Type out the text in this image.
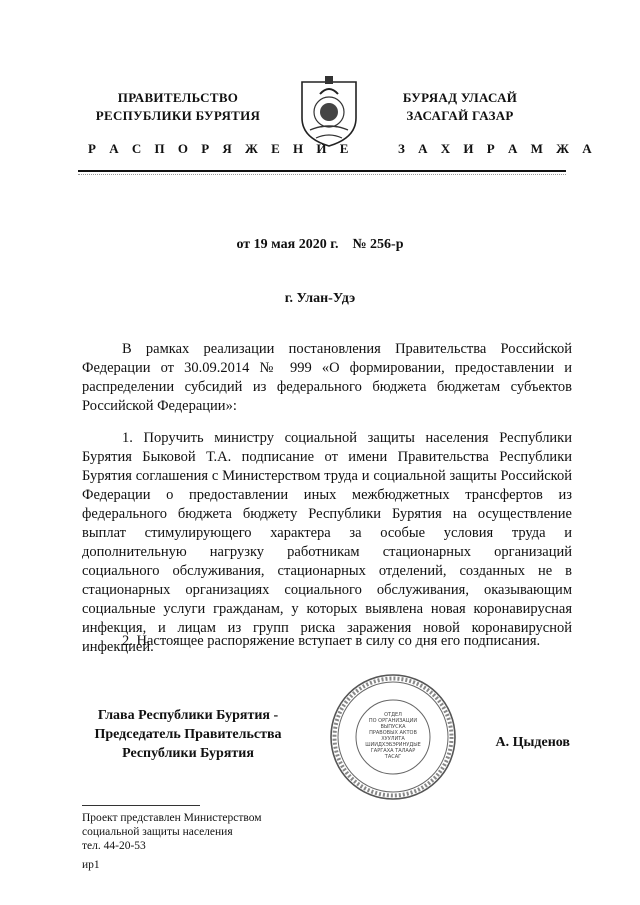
ПРАВИТЕЛЬСТВО
РЕСПУБЛИКИ БУРЯТИЯ
Р А С П О Р Я Ж Е Н И Е
БУРЯАД УЛАСАЙ
ЗАСАГАЙ ГАЗАР
З А Х И Р А М Ж А
от 19 мая 2020 г.    № 256-р
г. Улан-Удэ

В рамках реализации постановления Правительства Российской Федерации от 30.09.2014 № 999 «О формировании, предоставлении и распределении субсидий из федерального бюджета бюджетам субъектов Российской Федерации»:

1. Поручить министру социальной защиты населения Республики Бурятия Быковой Т.А. подписание от имени Правительства Республики Бурятия соглашения с Министерством труда и социальной защиты Российской Федерации о предоставлении иных межбюджетных трансфертов из федерального бюджета бюджету Республики Бурятия на осуществление выплат стимулирующего характера за особые условия труда и дополнительную нагрузку работникам стационарных организаций социального обслуживания, стационарных отделений, созданных не в стационарных организациях социального обслуживания, оказывающим социальные услуги гражданам, у которых выявлена новая коронавирусная инфекция, и лицам из групп риска заражения новой коронавирусной инфекцией.

2. Настоящее распоряжение вступает в силу со дня его подписания.

Глава Республики Бурятия -
Председатель Правительства
Республики Бурятия
ОТДЕЛ
ПО ОРГАНИЗАЦИИ
ВЫПУСКА
ПРАВОВЫХ АКТОВ
ХУУЛИТА
ШИИДХЭБЭРИНУДЫЕ
ГАРГАХА ТАЛААР
ТАСАГ
А. Цыденов
Проект представлен Министерством
социальной защиты населения
тел. 44-20-53
ир1
